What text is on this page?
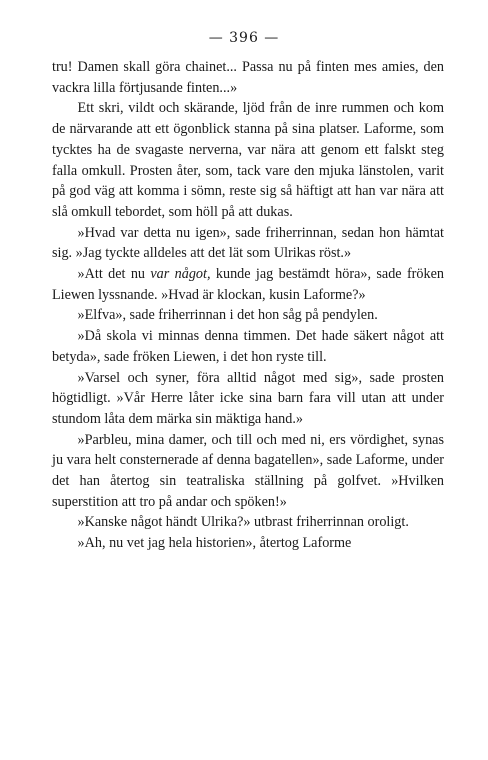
— 396 —

tru! Damen skall göra chainet... Passa nu på finten mes amies, den vackra lilla förtjusande finten...»

Ett skri, vildt och skärande, ljöd från de inre rummen och kom de närvarande att ett ögonblick stanna på sina platser. Laforme, som tycktes ha de svagaste nerverna, var nära att genom ett falskt steg falla omkull. Prosten åter, som, tack vare den mjuka länstolen, varit på god väg att komma i sömn, reste sig så häftigt att han var nära att slå omkull tebordet, som höll på att dukas.

»Hvad var detta nu igen», sade friherrinnan, sedan hon hämtat sig. »Jag tyckte alldeles att det lät som Ulrikas röst.»

»Att det nu var något, kunde jag bestämdt höra», sade fröken Liewen lyssnande. »Hvad är klockan, kusin Laforme?»

»Elfva», sade friherrinnan i det hon såg på pendylen.

»Då skola vi minnas denna timmen. Det hade säkert något att betyda», sade fröken Liewen, i det hon ryste till.

»Varsel och syner, föra alltid något med sig», sade prosten högtidligt. »Vår Herre låter icke sina barn fara vill utan att under stundom låta dem märka sin mäktiga hand.»

»Parbleu, mina damer, och till och med ni, ers vördighet, synas ju vara helt consternerade af denna bagatellen», sade Laforme, under det han återtog sin teatraliska ställning på golfvet. »Hvilken superstition att tro på andar och spöken!»

»Kanske något händt Ulrika?» utbrast friherrinnan oroligt.

»Ah, nu vet jag hela historien», återtog Laforme
